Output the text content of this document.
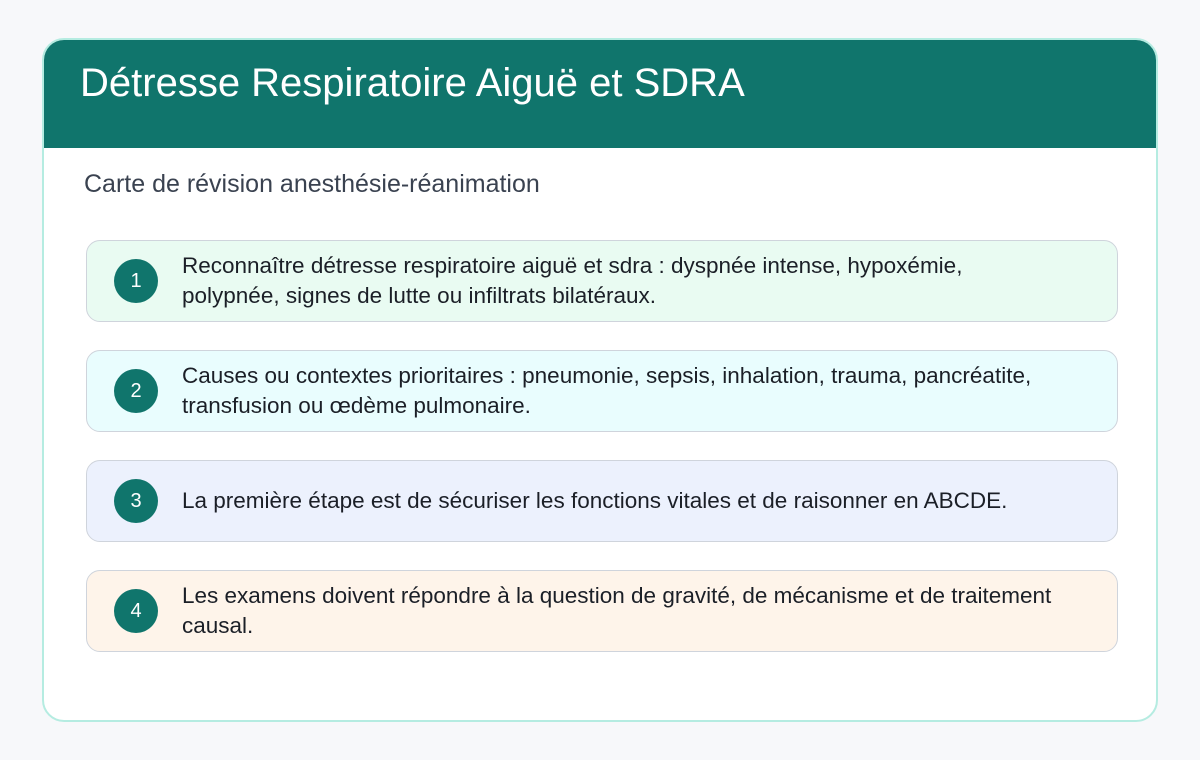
Détresse Respiratoire Aiguë et SDRA
Carte de révision anesthésie-réanimation
1
Reconnaître détresse respiratoire aiguë et sdra : dyspnée intense, hypoxémie, polypnée, signes de lutte ou infiltrats bilatéraux.
2
Causes ou contextes prioritaires : pneumonie, sepsis, inhalation, trauma, pancréatite, transfusion ou œdème pulmonaire.
3	La première étape est de sécuriser les fonctions vitales et de raisonner en ABCDE.
4
Les examens doivent répondre à la question de gravité, de mécanisme et de traitement causal.
